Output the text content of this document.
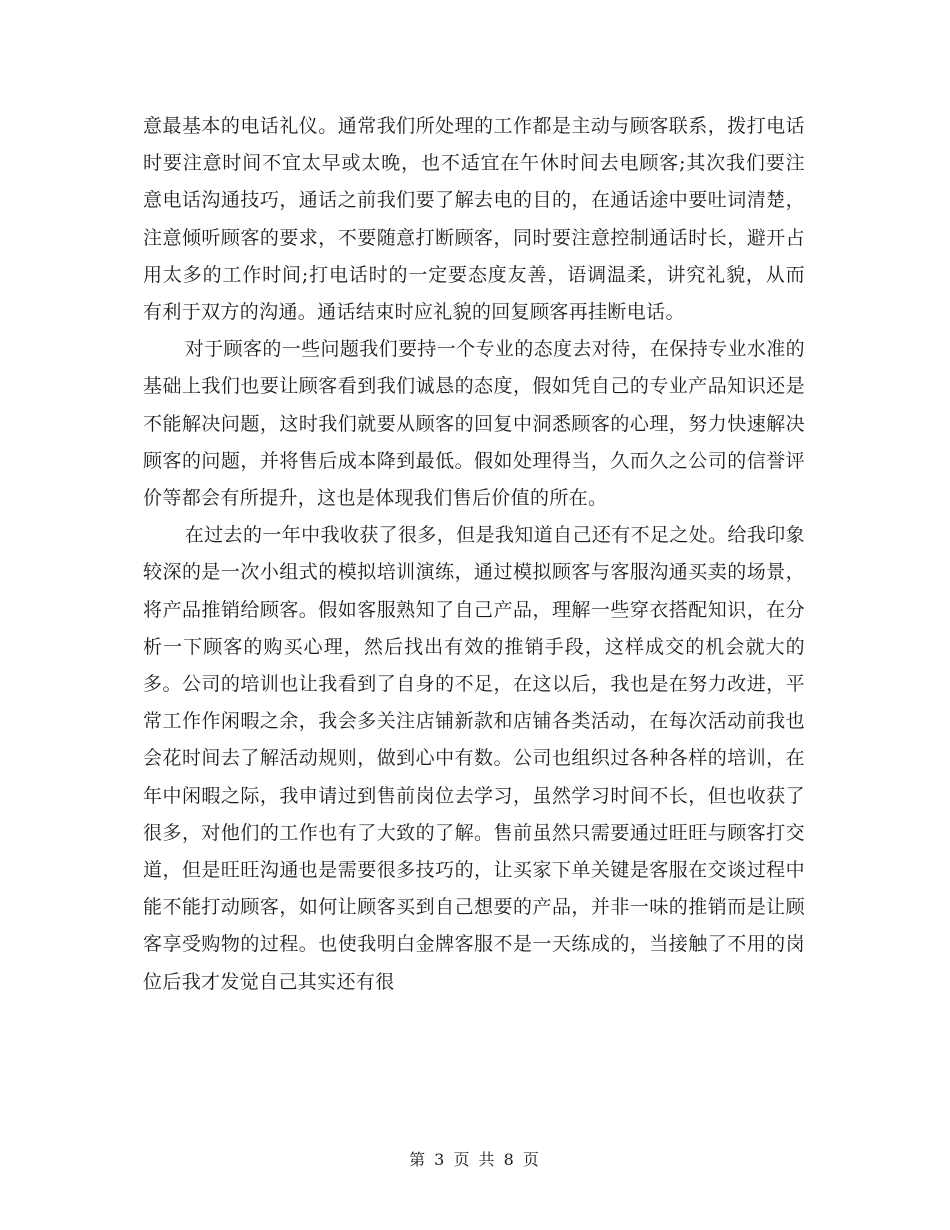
意最基本的电话礼仪。通常我们所处理的工作都是主动与顾客联系，拨打电话时要注意时间不宜太早或太晚，也不适宜在午休时间去电顾客;其次我们要注意电话沟通技巧，通话之前我们要了解去电的目的，在通话途中要吐词清楚，注意倾听顾客的要求，不要随意打断顾客，同时要注意控制通话时长，避开占用太多的工作时间;打电话时的一定要态度友善，语调温柔，讲究礼貌，从而有利于双方的沟通。通话结束时应礼貌的回复顾客再挂断电话。

对于顾客的一些问题我们要持一个专业的态度去对待，在保持专业水准的基础上我们也要让顾客看到我们诚恳的态度，假如凭自己的专业产品知识还是不能解决问题，这时我们就要从顾客的回复中洞悉顾客的心理，努力快速解决顾客的问题，并将售后成本降到最低。假如处理得当，久而久之公司的信誉评价等都会有所提升，这也是体现我们售后价值的所在。

在过去的一年中我收获了很多，但是我知道自己还有不足之处。给我印象较深的是一次小组式的模拟培训演练，通过模拟顾客与客服沟通买卖的场景，将产品推销给顾客。假如客服熟知了自己产品，理解一些穿衣搭配知识，在分析一下顾客的购买心理，然后找出有效的推销手段，这样成交的机会就大的多。公司的培训也让我看到了自身的不足，在这以后，我也是在努力改进，平常工作作闲暇之余，我会多关注店铺新款和店铺各类活动，在每次活动前我也会花时间去了解活动规则，做到心中有数。公司也组织过各种各样的培训，在年中闲暇之际，我申请过到售前岗位去学习，虽然学习时间不长，但也收获了很多，对他们的工作也有了大致的了解。售前虽然只需要通过旺旺与顾客打交道，但是旺旺沟通也是需要很多技巧的，让买家下单关键是客服在交谈过程中能不能打动顾客，如何让顾客买到自己想要的产品，并非一味的推销而是让顾客享受购物的过程。也使我明白金牌客服不是一天练成的，当接触了不用的岗位后我才发觉自己其实还有很

第 3 页 共 8 页
